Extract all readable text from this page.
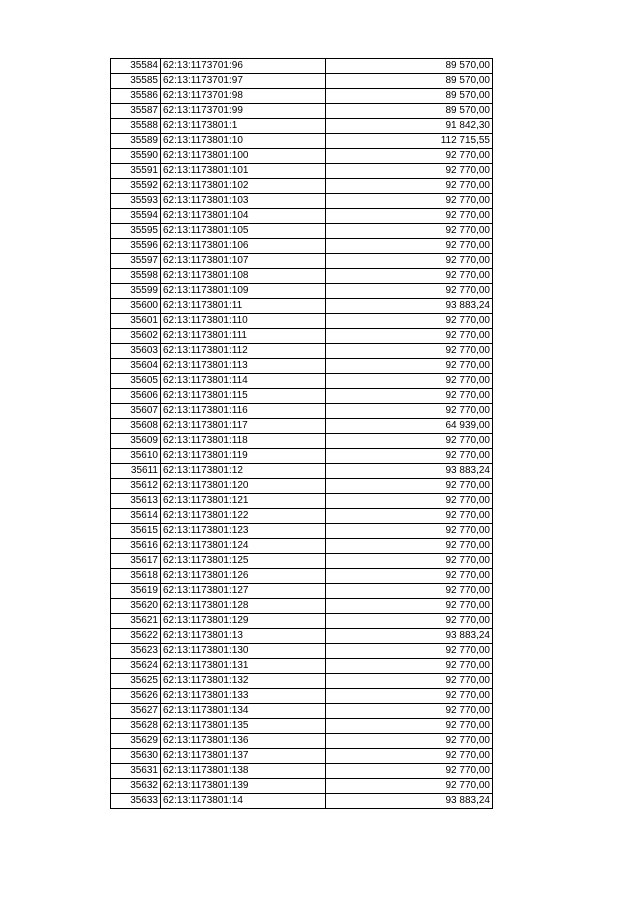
35584	62:13:1173701:96	89 570,00
35585	62:13:1173701:97	89 570,00
35586	62:13:1173701:98	89 570,00
35587	62:13:1173701:99	89 570,00
35588	62:13:1173801:1	91 842,30
35589	62:13:1173801:10	112 715,55
35590	62:13:1173801:100	92 770,00
35591	62:13:1173801:101	92 770,00
35592	62:13:1173801:102	92 770,00
35593	62:13:1173801:103	92 770,00
35594	62:13:1173801:104	92 770,00
35595	62:13:1173801:105	92 770,00
35596	62:13:1173801:106	92 770,00
35597	62:13:1173801:107	92 770,00
35598	62:13:1173801:108	92 770,00
35599	62:13:1173801:109	92 770,00
35600	62:13:1173801:11	93 883,24
35601	62:13:1173801:110	92 770,00
35602	62:13:1173801:111	92 770,00
35603	62:13:1173801:112	92 770,00
35604	62:13:1173801:113	92 770,00
35605	62:13:1173801:114	92 770,00
35606	62:13:1173801:115	92 770,00
35607	62:13:1173801:116	92 770,00
35608	62:13:1173801:117	64 939,00
35609	62:13:1173801:118	92 770,00
35610	62:13:1173801:119	92 770,00
35611	62:13:1173801:12	93 883,24
35612	62:13:1173801:120	92 770,00
35613	62:13:1173801:121	92 770,00
35614	62:13:1173801:122	92 770,00
35615	62:13:1173801:123	92 770,00
35616	62:13:1173801:124	92 770,00
35617	62:13:1173801:125	92 770,00
35618	62:13:1173801:126	92 770,00
35619	62:13:1173801:127	92 770,00
35620	62:13:1173801:128	92 770,00
35621	62:13:1173801:129	92 770,00
35622	62:13:1173801:13	93 883,24
35623	62:13:1173801:130	92 770,00
35624	62:13:1173801:131	92 770,00
35625	62:13:1173801:132	92 770,00
35626	62:13:1173801:133	92 770,00
35627	62:13:1173801:134	92 770,00
35628	62:13:1173801:135	92 770,00
35629	62:13:1173801:136	92 770,00
35630	62:13:1173801:137	92 770,00
35631	62:13:1173801:138	92 770,00
35632	62:13:1173801:139	92 770,00
35633	62:13:1173801:14	93 883,24
